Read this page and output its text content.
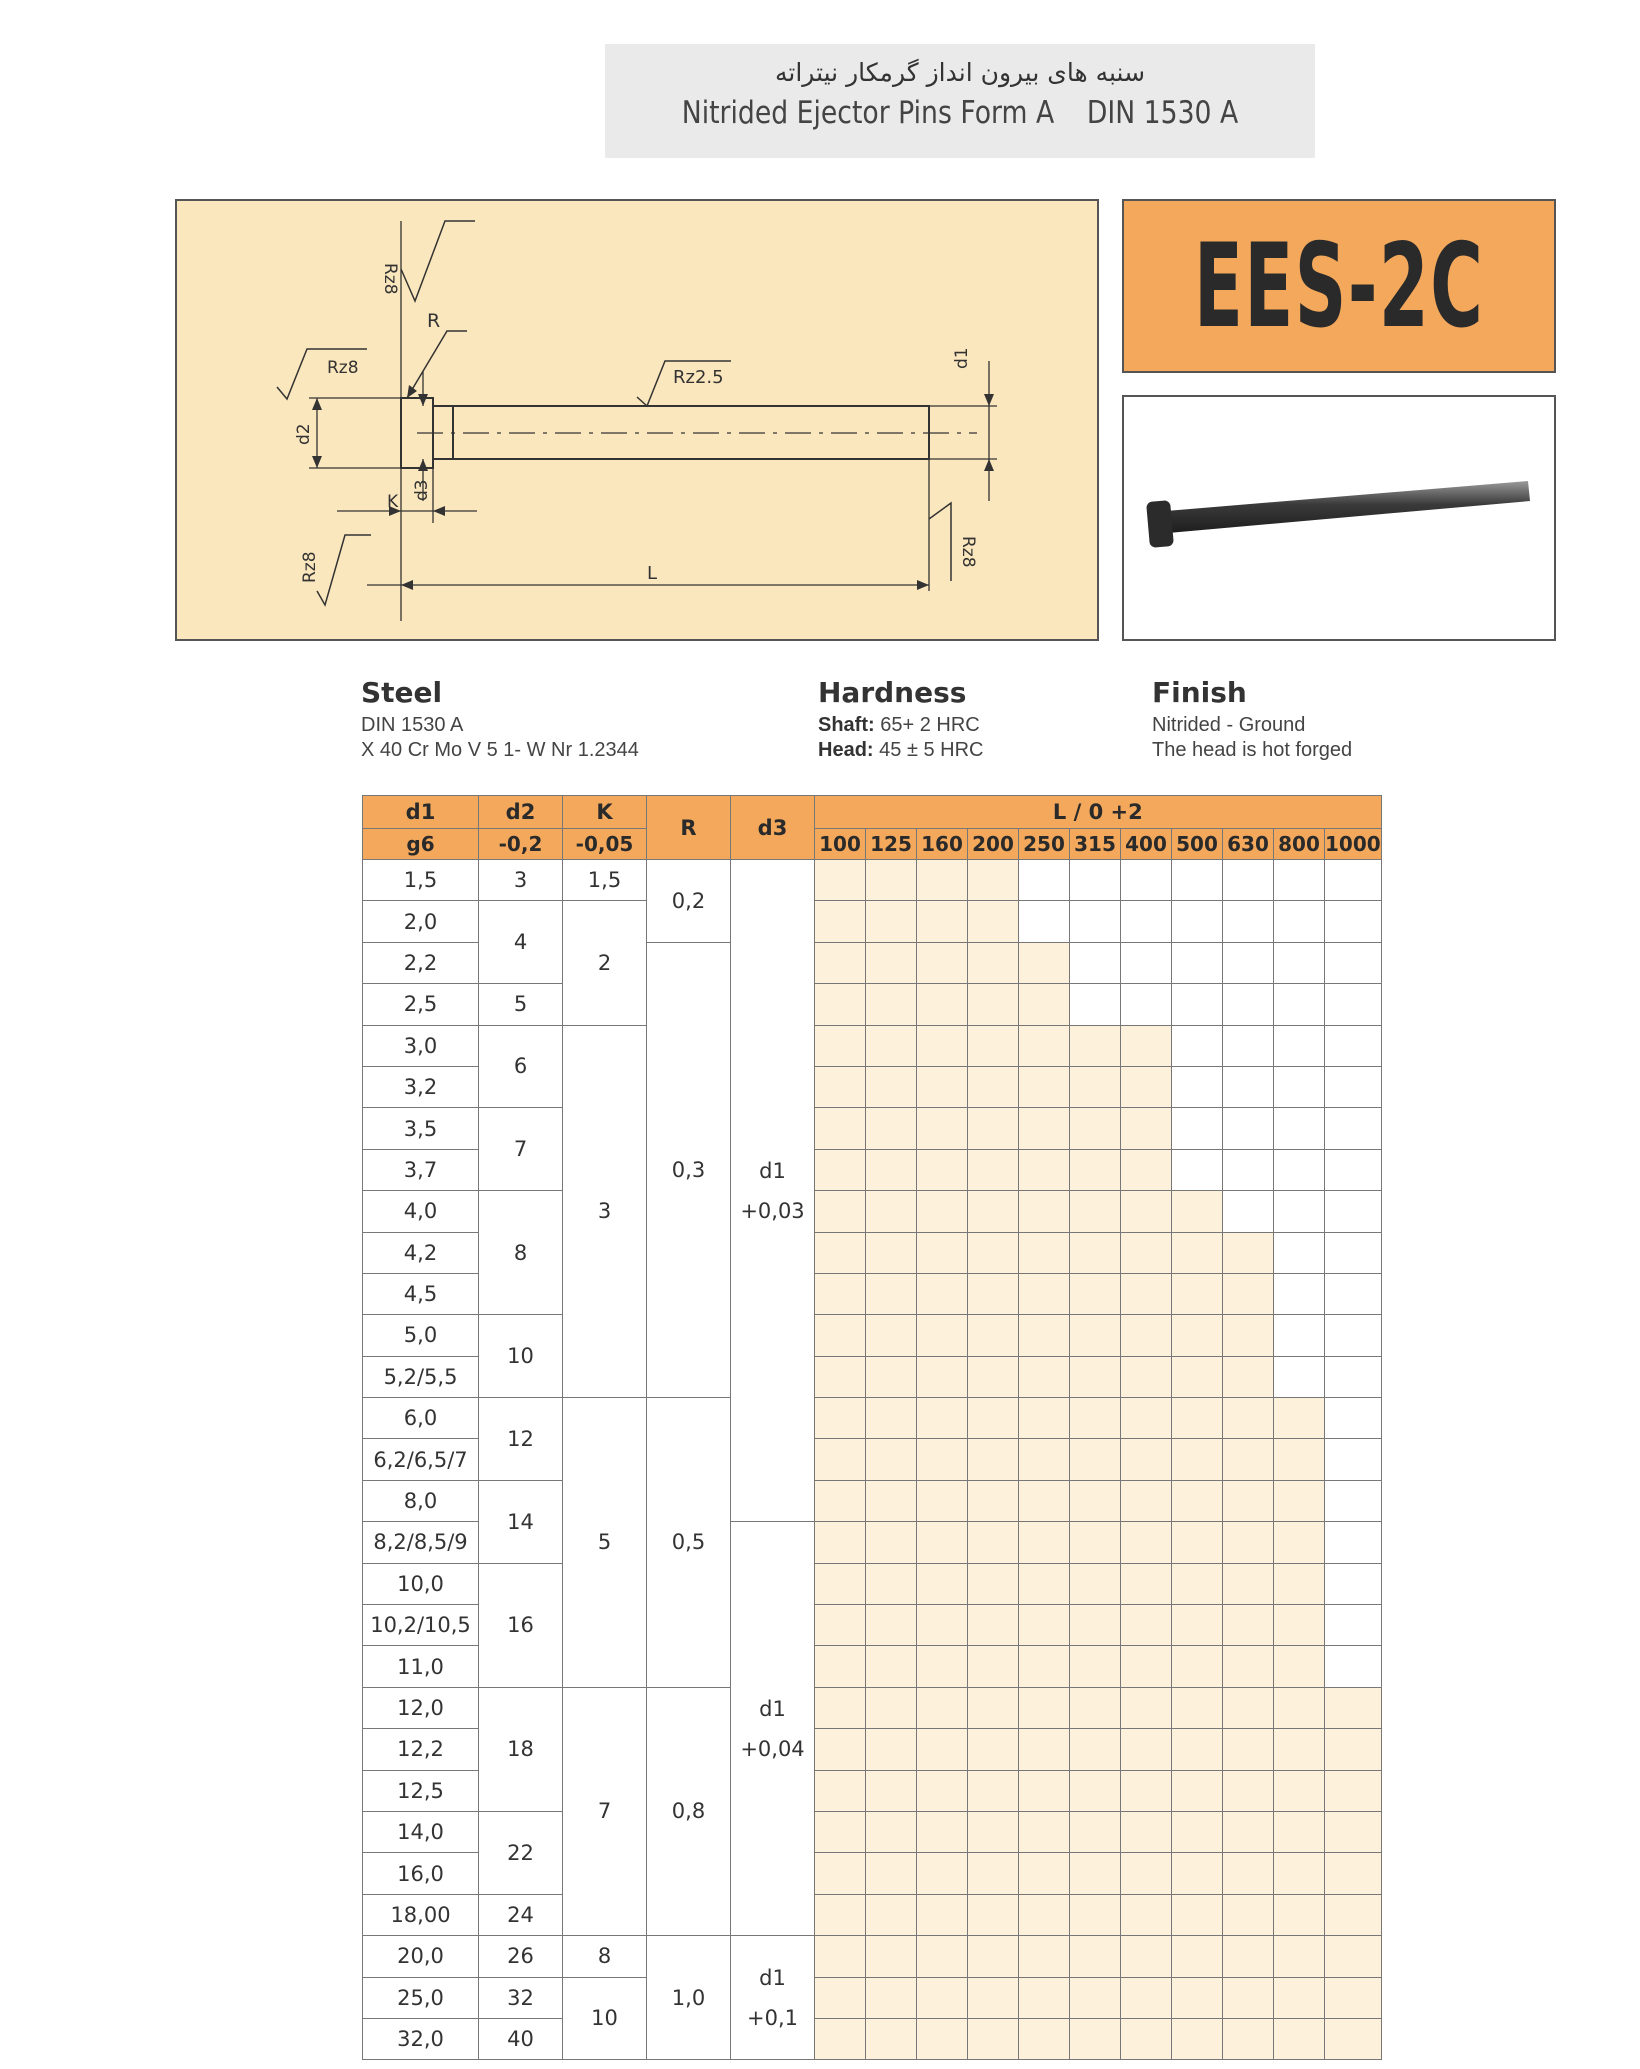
سنبه های بیرون انداز گرمکار نیتراته
Nitrided Ejector Pins Form A DIN 1530 A
Rz8
R
Rz8	Rz2.5
d1
d2
d3
K
Rz8	L
Rz8
EES-2C
Steel

DIN 1530 A

X 40 Cr Mo V 5 1- W Nr 1.2344

Hardness

Shaft: 65+ 2 HRC

Head: 45 ± 5 HRC

Finish

Nitrided - Ground

The head is hot forged

d1	d2	K	R	d3	L / 0 +2										
g6	-0,2	-0,05			100	125	160	200	250	315	400	500	630	800	1000
1,5	3	1,5	0,2	d1
+0,03											

2,0	4	2													
2,2			0,3												
2,5	5														
3,0	6	3													
3,2															
3,5	7														
3,7															
4,0	8														
4,2															
4,5															
5,0	10														
5,2/5,5															
6,0	12	5	0,5												
6,2/6,5/7															
8,0	14														
8,2/8,5/9				d1
+0,04											

10,0	16														
10,2/10,5															
11,0															
12,0	18	7	0,8												
12,2															
12,5															
14,0	22														
16,0															
18,00	24														
20,0	26	8	1,0	d1
+0,1											

25,0	32	10													
32,0	40														
